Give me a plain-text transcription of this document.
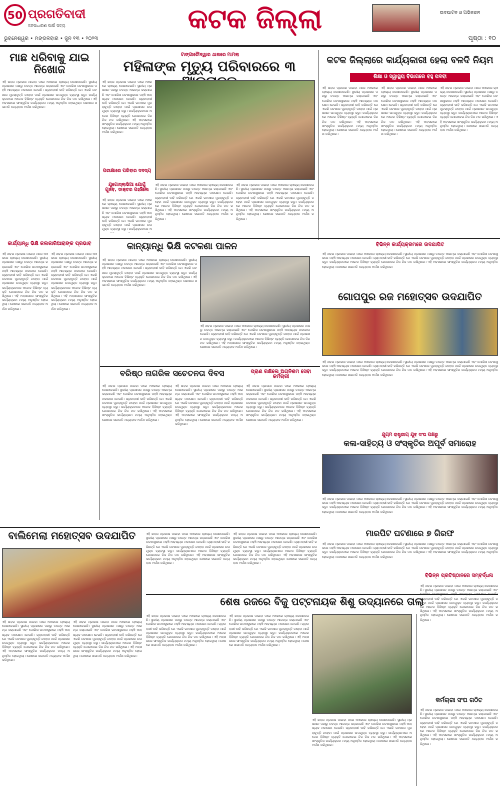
50 ପ୍ରଗତିବାଦୀ
ଜନସାଧାରଣ ପାଇଁ ସତ୍ୟ	କଟକ ଜିଲ୍ଲା	ଉଦଘାଟନ ଓ ଅଭିନନ୍ଦନ
ଭୁବନେଶ୍ୱର • ମଙ୍ଗଳବାର • ଜୁନ ୧୩ • ୨୦୨୩	ପୃଷ୍ଠା : ୧୦
ମାଛ ଧରିବାକୁ ଯାଇ ନିଖୋଜ
ଏହି ଖବର ପ୍ରକାଶ ପାଇବା ପରେ ଅଞ୍ଚଳରେ ଚାଞ୍ଚଲ୍ୟ ଦେଖାଦେଇଛି। ସ୍ଥାନୀୟ ପ୍ରଶାସନ ପକ୍ଷରୁ ତଦନ୍ତ ଆରମ୍ଭ କରାଯାଇଛି ଏବଂ ପୋଲିସ ଘଟଣାସ୍ଥଳରେ ପହଞ୍ଚି ଆବଶ୍ୟକ ପଦକ୍ଷେପ ନେଇଛି। ଗ୍ରାମବାସୀ ଦାବି କରିଛନ୍ତି ଯେ ଏଭଳି ଘଟଣାର ପୁନରାବୃତ୍ତି ନହେବା ପାଇଁ ପ୍ରଶାସନ ଉପଯୁକ୍ତ ବ୍ୟବସ୍ଥା କରୁ। କାର୍ଯ୍ୟକ୍ରମରେ ଅନେକ ବିଶିଷ୍ଟ ବ୍ୟକ୍ତି ଯୋଗଦେଇ ନିଜ ନିଜ ମତ ରଖିଥିଲେ। ଏହି ଅବସରରେ ସାଂସ୍କୃତିକ କାର୍ଯ୍ୟକ୍ରମ ମଧ୍ୟ ଅନୁଷ୍ଠିତ ହୋଇଥିଲା। ଶେଷରେ ସଭାପତି ଧନ୍ୟବାଦ ଅର୍ପଣ କରିଥିଲେ।
କାର୍ଯ୍ୟାନ୍ଧି ଭିକ୍ଷି କଲକାରିଆରାଙ୍କ ପ୍ରଭାବ
ଏହି ଖବର ପ୍ରକାଶ ପାଇବା ପରେ ଅଞ୍ଚଳରେ ଚାଞ୍ଚଲ୍ୟ ଦେଖାଦେଇଛି। ସ୍ଥାନୀୟ ପ୍ରଶାସନ ପକ୍ଷରୁ ତଦନ୍ତ ଆରମ୍ଭ କରାଯାଇଛି ଏବଂ ପୋଲିସ ଘଟଣାସ୍ଥଳରେ ପହଞ୍ଚି ଆବଶ୍ୟକ ପଦକ୍ଷେପ ନେଇଛି। ଗ୍ରାମବାସୀ ଦାବି କରିଛନ୍ତି ଯେ ଏଭଳି ଘଟଣାର ପୁନରାବୃତ୍ତି ନହେବା ପାଇଁ ପ୍ରଶାସନ ଉପଯୁକ୍ତ ବ୍ୟବସ୍ଥା କରୁ। କାର୍ଯ୍ୟକ୍ରମରେ ଅନେକ ବିଶିଷ୍ଟ ବ୍ୟକ୍ତି ଯୋଗଦେଇ ନିଜ ନିଜ ମତ ରଖିଥିଲେ। ଏହି ଅବସରରେ ସାଂସ୍କୃତିକ କାର୍ଯ୍ୟକ୍ରମ ମଧ୍ୟ ଅନୁଷ୍ଠିତ ହୋଇଥିଲା। ଶେଷରେ ସଭାପତି ଧନ୍ୟବାଦ ଅର୍ପଣ କରିଥିଲେ।
ଏହି ଖବର ପ୍ରକାଶ ପାଇବା ପରେ ଅଞ୍ଚଳରେ ଚାଞ୍ଚଲ୍ୟ ଦେଖାଦେଇଛି। ସ୍ଥାନୀୟ ପ୍ରଶାସନ ପକ୍ଷରୁ ତଦନ୍ତ ଆରମ୍ଭ କରାଯାଇଛି ଏବଂ ପୋଲିସ ଘଟଣାସ୍ଥଳରେ ପହଞ୍ଚି ଆବଶ୍ୟକ ପଦକ୍ଷେପ ନେଇଛି। ଗ୍ରାମବାସୀ ଦାବି କରିଛନ୍ତି ଯେ ଏଭଳି ଘଟଣାର ପୁନରାବୃତ୍ତି ନହେବା ପାଇଁ ପ୍ରଶାସନ ଉପଯୁକ୍ତ ବ୍ୟବସ୍ଥା କରୁ। କାର୍ଯ୍ୟକ୍ରମରେ ଅନେକ ବିଶିଷ୍ଟ ବ୍ୟକ୍ତି ଯୋଗଦେଇ ନିଜ ନିଜ ମତ ରଖିଥିଲେ। ଏହି ଅବସରରେ ସାଂସ୍କୃତିକ କାର୍ଯ୍ୟକ୍ରମ ମଧ୍ୟ ଅନୁଷ୍ଠିତ ହୋଇଥିଲା। ଶେଷରେ ସଭାପତି ଧନ୍ୟବାଦ ଅର୍ପଣ କରିଥିଲେ।
ଟାଙ୍ଗୀଚୌଦ୍ୱାର ଥାନାରେ ମାମଲା
ମହିଳାଙ୍କ ମୃତ୍ୟୁ ପରିବାରରେ ୩
ଏହି ଖବର ପ୍ରକାଶ ପାଇବା ପରେ ଅଞ୍ଚଳରେ ଚାଞ୍ଚଲ୍ୟ ଦେଖାଦେଇଛି। ସ୍ଥାନୀୟ ପ୍ରଶାସନ ପକ୍ଷରୁ ତଦନ୍ତ ଆରମ୍ଭ କରାଯାଇଛି ଏବଂ ପୋଲିସ ଘଟଣାସ୍ଥଳରେ ପହଞ୍ଚି ଆବଶ୍ୟକ ପଦକ୍ଷେପ ନେଇଛି। ଗ୍ରାମବାସୀ ଦାବି କରିଛନ୍ତି ଯେ ଏଭଳି ଘଟଣାର ପୁନରାବୃତ୍ତି ନହେବା ପାଇଁ ପ୍ରଶାସନ ଉପଯୁକ୍ତ ବ୍ୟବସ୍ଥା କରୁ। କାର୍ଯ୍ୟକ୍ରମରେ ଅନେକ ବିଶିଷ୍ଟ ବ୍ୟକ୍ତି ଯୋଗଦେଇ ନିଜ ନିଜ ମତ ରଖିଥିଲେ। ଏହି ଅବସରରେ ସାଂସ୍କୃତିକ କାର୍ଯ୍ୟକ୍ରମ ମଧ୍ୟ ଅନୁଷ୍ଠିତ ହୋଇଥିଲା। ଶେଷରେ ସଭାପତି ଧନ୍ୟବାଦ ଅର୍ପଣ କରିଥିଲେ।
ପରୀକ୍ଷାରେ ପରିବାର ସଦସ୍ୟ
ଯୁଗୋସ୍ଲାଭିଆ ଯୋଗୁଁ ଗୁଜବ, ଡାକ୍ତର ପହଞ୍ଚିଲେ
ଏହି ଖବର ପ୍ରକାଶ ପାଇବା ପରେ ଅଞ୍ଚଳରେ ଚାଞ୍ଚଲ୍ୟ ଦେଖାଦେଇଛି। ସ୍ଥାନୀୟ ପ୍ରଶାସନ ପକ୍ଷରୁ ତଦନ୍ତ ଆରମ୍ଭ କରାଯାଇଛି ଏବଂ ପୋଲିସ ଘଟଣାସ୍ଥଳରେ ପହଞ୍ଚି ଆବଶ୍ୟକ ପଦକ୍ଷେପ ନେଇଛି। ଗ୍ରାମବାସୀ ଦାବି କରିଛନ୍ତି ଯେ ଏଭଳି ଘଟଣାର ପୁନରାବୃତ୍ତି ନହେବା ପାଇଁ ପ୍ରଶାସନ ଉପଯୁକ୍ତ ବ୍ୟବସ୍ଥା କରୁ। କାର୍ଯ୍ୟକ୍ରମରେ ଅନେକ ବିଶିଷ୍ଟ ବ୍ୟକ୍ତି ଯୋଗଦେଇ ନିଜ ନିଜ ମତ ରଖିଥିଲେ। ଏହି ଅବସରରେ ସାଂସ୍କୃତିକ କାର୍ଯ୍ୟକ୍ରମ ମଧ୍ୟ ଅନୁଷ୍ଠିତ ହୋଇଥିଲା। ଶେଷରେ ସଭାପତି ଧନ୍ୟବାଦ ଅର୍ପଣ କରିଥିଲେ।
ଏହି ଖବର ପ୍ରକାଶ ପାଇବା ପରେ ଅଞ୍ଚଳରେ ଚାଞ୍ଚଲ୍ୟ ଦେଖାଦେଇଛି। ସ୍ଥାନୀୟ ପ୍ରଶାସନ ପକ୍ଷରୁ ତଦନ୍ତ ଆରମ୍ଭ କରାଯାଇଛି ଏବଂ ପୋଲିସ ଘଟଣାସ୍ଥଳରେ ପହଞ୍ଚି ଆବଶ୍ୟକ ପଦକ୍ଷେପ ନେଇଛି। ଗ୍ରାମବାସୀ ଦାବି କରିଛନ୍ତି ଯେ ଏଭଳି ଘଟଣାର ପୁନରାବୃତ୍ତି ନହେବା ପାଇଁ ପ୍ରଶାସନ ଉପଯୁକ୍ତ ବ୍ୟବସ୍ଥା କରୁ। କାର୍ଯ୍ୟକ୍ରମରେ ଅନେକ ବିଶିଷ୍ଟ ବ୍ୟକ୍ତି ଯୋଗଦେଇ ନିଜ ନିଜ ମତ ରଖିଥିଲେ। ଏହି ଅବସରରେ ସାଂସ୍କୃତିକ କାର୍ଯ୍ୟକ୍ରମ ମଧ୍ୟ ଅନୁଷ୍ଠିତ ହୋଇଥିଲା। ଶେଷରେ ସଭାପତି ଧନ୍ୟବାଦ ଅର୍ପଣ କରିଥିଲେ।
ଏହି ଖବର ପ୍ରକାଶ ପାଇବା ପରେ ଅଞ୍ଚଳରେ ଚାଞ୍ଚଲ୍ୟ ଦେଖାଦେଇଛି। ସ୍ଥାନୀୟ ପ୍ରଶାସନ ପକ୍ଷରୁ ତଦନ୍ତ ଆରମ୍ଭ କରାଯାଇଛି ଏବଂ ପୋଲିସ ଘଟଣାସ୍ଥଳରେ ପହଞ୍ଚି ଆବଶ୍ୟକ ପଦକ୍ଷେପ ନେଇଛି। ଗ୍ରାମବାସୀ ଦାବି କରିଛନ୍ତି ଯେ ଏଭଳି ଘଟଣାର ପୁନରାବୃତ୍ତି ନହେବା ପାଇଁ ପ୍ରଶାସନ ଉପଯୁକ୍ତ ବ୍ୟବସ୍ଥା କରୁ। କାର୍ଯ୍ୟକ୍ରମରେ ଅ
କଟକ ଜିଲ୍ଲାରେ କାର୍ଯ୍ୟକାରୀ ହେଲା ବଳଦି ନିୟମ
ଶିକ୍ଷା ଓ ସ୍ୱାସ୍ଥ୍ୟ ବିଭାଗରେ ବହୁ ପଦବୀ
ଏହି ଖବର ପ୍ରକାଶ ପାଇବା ପରେ ଅଞ୍ଚଳରେ ଚାଞ୍ଚଲ୍ୟ ଦେଖାଦେଇଛି। ସ୍ଥାନୀୟ ପ୍ରଶାସନ ପକ୍ଷରୁ ତଦନ୍ତ ଆରମ୍ଭ କରାଯାଇଛି ଏବଂ ପୋଲିସ ଘଟଣାସ୍ଥଳରେ ପହଞ୍ଚି ଆବଶ୍ୟକ ପଦକ୍ଷେପ ନେଇଛି। ଗ୍ରାମବାସୀ ଦାବି କରିଛନ୍ତି ଯେ ଏଭଳି ଘଟଣାର ପୁନରାବୃତ୍ତି ନହେବା ପାଇଁ ପ୍ରଶାସନ ଉପଯୁକ୍ତ ବ୍ୟବସ୍ଥା କରୁ। କାର୍ଯ୍ୟକ୍ରମରେ ଅନେକ ବିଶିଷ୍ଟ ବ୍ୟକ୍ତି ଯୋଗଦେଇ ନିଜ ନିଜ ମତ ରଖିଥିଲେ। ଏହି ଅବସରରେ ସାଂସ୍କୃତିକ କାର୍ଯ୍ୟକ୍ରମ ମଧ୍ୟ ଅନୁଷ୍ଠିତ ହୋଇଥିଲା। ଶେଷରେ ସଭାପତି ଧନ୍ୟବାଦ ଅର୍ପଣ କରିଥିଲେ।
ଏହି ଖବର ପ୍ରକାଶ ପାଇବା ପରେ ଅଞ୍ଚଳରେ ଚାଞ୍ଚଲ୍ୟ ଦେଖାଦେଇଛି। ସ୍ଥାନୀୟ ପ୍ରଶାସନ ପକ୍ଷରୁ ତଦନ୍ତ ଆରମ୍ଭ କରାଯାଇଛି ଏବଂ ପୋଲିସ ଘଟଣାସ୍ଥଳରେ ପହଞ୍ଚି ଆବଶ୍ୟକ ପଦକ୍ଷେପ ନେଇଛି। ଗ୍ରାମବାସୀ ଦାବି କରିଛନ୍ତି ଯେ ଏଭଳି ଘଟଣାର ପୁନରାବୃତ୍ତି ନହେବା ପାଇଁ ପ୍ରଶାସନ ଉପଯୁକ୍ତ ବ୍ୟବସ୍ଥା କରୁ। କାର୍ଯ୍ୟକ୍ରମରେ ଅନେକ ବିଶିଷ୍ଟ ବ୍ୟକ୍ତି ଯୋଗଦେଇ ନିଜ ନିଜ ମତ ରଖିଥିଲେ। ଏହି ଅବସରରେ ସାଂସ୍କୃତିକ କାର୍ଯ୍ୟକ୍ରମ ମଧ୍ୟ ଅନୁଷ୍ଠିତ ହୋଇଥିଲା। ଶେଷରେ ସଭାପତି ଧନ୍ୟବାଦ ଅର୍ପଣ କରିଥିଲେ।
ଏହି ଖବର ପ୍ରକାଶ ପାଇବା ପରେ ଅଞ୍ଚଳରେ ଚାଞ୍ଚଲ୍ୟ ଦେଖାଦେଇଛି। ସ୍ଥାନୀୟ ପ୍ରଶାସନ ପକ୍ଷରୁ ତଦନ୍ତ ଆରମ୍ଭ କରାଯାଇଛି ଏବଂ ପୋଲିସ ଘଟଣାସ୍ଥଳରେ ପହଞ୍ଚି ଆବଶ୍ୟକ ପଦକ୍ଷେପ ନେଇଛି। ଗ୍ରାମବାସୀ ଦାବି କରିଛନ୍ତି ଯେ ଏଭଳି ଘଟଣାର ପୁନରାବୃତ୍ତି ନହେବା ପାଇଁ ପ୍ରଶାସନ ଉପଯୁକ୍ତ ବ୍ୟବସ୍ଥା କରୁ। କାର୍ଯ୍ୟକ୍ରମରେ ଅନେକ ବିଶିଷ୍ଟ ବ୍ୟକ୍ତି ଯୋଗଦେଇ ନିଜ ନିଜ ମତ ରଖିଥିଲେ। ଏହି ଅବସରରେ ସାଂସ୍କୃତିକ କାର୍ଯ୍ୟକ୍ରମ ମଧ୍ୟ ଅନୁଷ୍ଠିତ ହୋଇଥିଲା। ଶେଷରେ ସଭାପତି ଧନ୍ୟବାଦ ଅର୍ପଣ କରିଥିଲେ।
କାନ୍ୟାନ୍ଧି ଭିକ୍ଷି କଟକଣା ପାଳନ
ଏହି ଖବର ପ୍ରକାଶ ପାଇବା ପରେ ଅଞ୍ଚଳରେ ଚାଞ୍ଚଲ୍ୟ ଦେଖାଦେଇଛି। ସ୍ଥାନୀୟ ପ୍ରଶାସନ ପକ୍ଷରୁ ତଦନ୍ତ ଆରମ୍ଭ କରାଯାଇଛି ଏବଂ ପୋଲିସ ଘଟଣାସ୍ଥଳରେ ପହଞ୍ଚି ଆବଶ୍ୟକ ପଦକ୍ଷେପ ନେଇଛି। ଗ୍ରାମବାସୀ ଦାବି କରିଛନ୍ତି ଯେ ଏଭଳି ଘଟଣାର ପୁନରାବୃତ୍ତି ନହେବା ପାଇଁ ପ୍ରଶାସନ ଉପଯୁକ୍ତ ବ୍ୟବସ୍ଥା କରୁ। କାର୍ଯ୍ୟକ୍ରମରେ ଅନେକ ବିଶିଷ୍ଟ ବ୍ୟକ୍ତି ଯୋଗଦେଇ ନିଜ ନିଜ ମତ ରଖିଥିଲେ। ଏହି ଅବସରରେ ସାଂସ୍କୃତିକ କାର୍ଯ୍ୟକ୍ରମ ମଧ୍ୟ ଅନୁଷ୍ଠିତ ହୋଇଥିଲା। ଶେଷରେ ସଭାପତି ଧନ୍ୟବାଦ ଅର୍ପଣ କରିଥିଲେ।
ଏହି ଖବର ପ୍ରକାଶ ପାଇବା ପରେ ଅଞ୍ଚଳରେ ଚାଞ୍ଚଲ୍ୟ ଦେଖାଦେଇଛି। ସ୍ଥାନୀୟ ପ୍ରଶାସନ ପକ୍ଷରୁ ତଦନ୍ତ ଆରମ୍ଭ କରାଯାଇଛି ଏବଂ ପୋଲିସ ଘଟଣାସ୍ଥଳରେ ପହଞ୍ଚି ଆବଶ୍ୟକ ପଦକ୍ଷେପ ନେଇଛି। ଗ୍ରାମବାସୀ ଦାବି କରିଛନ୍ତି ଯେ ଏଭଳି ଘଟଣାର ପୁନରାବୃତ୍ତି ନହେବା ପାଇଁ ପ୍ରଶାସନ ଉପଯୁକ୍ତ ବ୍ୟବସ୍ଥା କରୁ। କାର୍ଯ୍ୟକ୍ରମରେ ଅନେକ ବିଶିଷ୍ଟ ବ୍ୟକ୍ତି ଯୋଗଦେଇ ନିଜ ନିଜ ମତ ରଖିଥିଲେ। ଏହି ଅବସରରେ ସାଂସ୍କୃତିକ କାର୍ଯ୍ୟକ୍ରମ ମଧ୍ୟ ଅନୁଷ୍ଠିତ ହୋଇଥିଲା। ଶେଷରେ ସଭାପତି ଧନ୍ୟବାଦ ଅର୍ପଣ କରିଥିଲେ।
ବିଭିନ୍ନ କାର୍ଯ୍ୟକ୍ରମରେ ଉଦଯାପିତ
ଏହି ଖବର ପ୍ରକାଶ ପାଇବା ପରେ ଅଞ୍ଚଳରେ ଚାଞ୍ଚଲ୍ୟ ଦେଖାଦେଇଛି। ସ୍ଥାନୀୟ ପ୍ରଶାସନ ପକ୍ଷରୁ ତଦନ୍ତ ଆରମ୍ଭ କରାଯାଇଛି ଏବଂ ପୋଲିସ ଘଟଣାସ୍ଥଳରେ ପହଞ୍ଚି ଆବଶ୍ୟକ ପଦକ୍ଷେପ ନେଇଛି। ଗ୍ରାମବାସୀ ଦାବି କରିଛନ୍ତି ଯେ ଏଭଳି ଘଟଣାର ପୁନରାବୃତ୍ତି ନହେବା ପାଇଁ ପ୍ରଶାସନ ଉପଯୁକ୍ତ ବ୍ୟବସ୍ଥା କରୁ। କାର୍ଯ୍ୟକ୍ରମରେ ଅନେକ ବିଶିଷ୍ଟ ବ୍ୟକ୍ତି ଯୋଗଦେଇ ନିଜ ନିଜ ମତ ରଖିଥିଲେ। ଏହି ଅବସରରେ ସାଂସ୍କୃତିକ କାର୍ଯ୍ୟକ୍ରମ ମଧ୍ୟ ଅନୁଷ୍ଠିତ ହୋଇଥିଲା। ଶେଷରେ ସଭାପତି ଧନ୍ୟବାଦ ଅର୍ପଣ କରିଥିଲେ।
ଗୋପପୁର ରଜ ମହୋତ୍ସବ ଉଦଯାପିତ
ଏହି ଖବର ପ୍ରକାଶ ପାଇବା ପରେ ଅଞ୍ଚଳରେ ଚାଞ୍ଚଲ୍ୟ ଦେଖାଦେଇଛି। ସ୍ଥାନୀୟ ପ୍ରଶାସନ ପକ୍ଷରୁ ତଦନ୍ତ ଆରମ୍ଭ କରାଯାଇଛି ଏବଂ ପୋଲିସ ଘଟଣାସ୍ଥଳରେ ପହଞ୍ଚି ଆବଶ୍ୟକ ପଦକ୍ଷେପ ନେଇଛି। ଗ୍ରାମବାସୀ ଦାବି କରିଛନ୍ତି ଯେ ଏଭଳି ଘଟଣାର ପୁନରାବୃତ୍ତି ନହେବା ପାଇଁ ପ୍ରଶାସନ ଉପଯୁକ୍ତ ବ୍ୟବସ୍ଥା କରୁ। କାର୍ଯ୍ୟକ୍ରମରେ ଅନେକ ବିଶିଷ୍ଟ ବ୍ୟକ୍ତି ଯୋଗଦେଇ ନିଜ ନିଜ ମତ ରଖିଥିଲେ। ଏହି ଅବସରରେ ସାଂସ୍କୃତିକ କାର୍ଯ୍ୟକ୍ରମ ମଧ୍ୟ ଅନୁଷ୍ଠିତ ହୋଇଥିଲା। ଶେଷରେ ସଭାପତି ଧନ୍ୟବାଦ ଅର୍ପଣ କରିଥିଲେ।
ବରିଷ୍ଠ ନାଗରିକ ସଚେତନତା ଦିବସ	ପ୍ରାଣ ରକ୍ଷିଲେ ଅଗ୍ନିଶମ ସେବା କର୍ମଚାରୀ
ଏହି ଖବର ପ୍ରକାଶ ପାଇବା ପରେ ଅଞ୍ଚଳରେ ଚାଞ୍ଚଲ୍ୟ ଦେଖାଦେଇଛି। ସ୍ଥାନୀୟ ପ୍ରଶାସନ ପକ୍ଷରୁ ତଦନ୍ତ ଆରମ୍ଭ କରାଯାଇଛି ଏବଂ ପୋଲିସ ଘଟଣାସ୍ଥଳରେ ପହଞ୍ଚି ଆବଶ୍ୟକ ପଦକ୍ଷେପ ନେଇଛି। ଗ୍ରାମବାସୀ ଦାବି କରିଛନ୍ତି ଯେ ଏଭଳି ଘଟଣାର ପୁନରାବୃତ୍ତି ନହେବା ପାଇଁ ପ୍ରଶାସନ ଉପଯୁକ୍ତ ବ୍ୟବସ୍ଥା କରୁ। କାର୍ଯ୍ୟକ୍ରମରେ ଅନେକ ବିଶିଷ୍ଟ ବ୍ୟକ୍ତି ଯୋଗଦେଇ ନିଜ ନିଜ ମତ ରଖିଥିଲେ। ଏହି ଅବସରରେ ସାଂସ୍କୃତିକ କାର୍ଯ୍ୟକ୍ରମ ମଧ୍ୟ ଅନୁଷ୍ଠିତ ହୋଇଥିଲା। ଶେଷରେ ସଭାପତି ଧନ୍ୟବାଦ ଅର୍ପଣ କରିଥିଲେ।
ଏହି ଖବର ପ୍ରକାଶ ପାଇବା ପରେ ଅଞ୍ଚଳରେ ଚାଞ୍ଚଲ୍ୟ ଦେଖାଦେଇଛି। ସ୍ଥାନୀୟ ପ୍ରଶାସନ ପକ୍ଷରୁ ତଦନ୍ତ ଆରମ୍ଭ କରାଯାଇଛି ଏବଂ ପୋଲିସ ଘଟଣାସ୍ଥଳରେ ପହଞ୍ଚି ଆବଶ୍ୟକ ପଦକ୍ଷେପ ନେଇଛି। ଗ୍ରାମବାସୀ ଦାବି କରିଛନ୍ତି ଯେ ଏଭଳି ଘଟଣାର ପୁନରାବୃତ୍ତି ନହେବା ପାଇଁ ପ୍ରଶାସନ ଉପଯୁକ୍ତ ବ୍ୟବସ୍ଥା କରୁ। କାର୍ଯ୍ୟକ୍ରମରେ ଅନେକ ବିଶିଷ୍ଟ ବ୍ୟକ୍ତି ଯୋଗଦେଇ ନିଜ ନିଜ ମତ ରଖିଥିଲେ। ଏହି ଅବସରରେ ସାଂସ୍କୃତିକ କାର୍ଯ୍ୟକ୍ରମ ମଧ୍ୟ ଅନୁଷ୍ଠିତ ହୋଇଥିଲା। ଶେଷରେ ସଭାପତି ଧନ୍ୟବାଦ ଅର୍ପଣ କରିଥିଲେ।
ଏହି ଖବର ପ୍ରକାଶ ପାଇବା ପରେ ଅଞ୍ଚଳରେ ଚାଞ୍ଚଲ୍ୟ ଦେଖାଦେଇଛି। ସ୍ଥାନୀୟ ପ୍ରଶାସନ ପକ୍ଷରୁ ତଦନ୍ତ ଆରମ୍ଭ କରାଯାଇଛି ଏବଂ ପୋଲିସ ଘଟଣାସ୍ଥଳରେ ପହଞ୍ଚି ଆବଶ୍ୟକ ପଦକ୍ଷେପ ନେଇଛି। ଗ୍ରାମବାସୀ ଦାବି କରିଛନ୍ତି ଯେ ଏଭଳି ଘଟଣାର ପୁନରାବୃତ୍ତି ନହେବା ପାଇଁ ପ୍ରଶାସନ ଉପଯୁକ୍ତ ବ୍ୟବସ୍ଥା କରୁ। କାର୍ଯ୍ୟକ୍ରମରେ ଅନେକ ବିଶିଷ୍ଟ ବ୍ୟକ୍ତି ଯୋଗଦେଇ ନିଜ ନିଜ ମତ ରଖିଥିଲେ। ଏହି ଅବସରରେ ସାଂସ୍କୃତିକ କାର୍ଯ୍ୟକ୍ରମ ମଧ୍ୟ ଅନୁଷ୍ଠିତ ହୋଇଥିଲା। ଶେଷରେ ସଭାପତି ଧନ୍ୟବାଦ ଅର୍ପଣ କରିଥିଲେ।
ଯୁଗ୍ମ ରାଷ୍ଟ୍ରୀୟ ଯୁବ ସଂଘ ପକ୍ଷରୁ
କଳା-ସାହିତ୍ୟ ଓ ସଂସ୍କୃତିର ଅପୂର୍ବ ସମାରୋହ
ଏହି ଖବର ପ୍ରକାଶ ପାଇବା ପରେ ଅଞ୍ଚଳରେ ଚାଞ୍ଚଲ୍ୟ ଦେଖାଦେଇଛି। ସ୍ଥାନୀୟ ପ୍ରଶାସନ ପକ୍ଷରୁ ତଦନ୍ତ ଆରମ୍ଭ କରାଯାଇଛି ଏବଂ ପୋଲିସ ଘଟଣାସ୍ଥଳରେ ପହଞ୍ଚି ଆବଶ୍ୟକ ପଦକ୍ଷେପ ନେଇଛି। ଗ୍ରାମବାସୀ ଦାବି କରିଛନ୍ତି ଯେ ଏଭଳି ଘଟଣାର ପୁନରାବୃତ୍ତି ନହେବା ପାଇଁ ପ୍ରଶାସନ ଉପଯୁକ୍ତ ବ୍ୟବସ୍ଥା କରୁ। କାର୍ଯ୍ୟକ୍ରମରେ ଅନେକ ବିଶିଷ୍ଟ ବ୍ୟକ୍ତି ଯୋଗଦେଇ ନିଜ ନିଜ ମତ ରଖିଥିଲେ। ଏହି ଅବସରରେ ସାଂସ୍କୃତିକ କାର୍ଯ୍ୟକ୍ରମ ମଧ୍ୟ ଅନୁଷ୍ଠିତ ହୋଇଥିଲା। ଶେଷରେ ସଭାପତି ଧନ୍ୟବାଦ ଅର୍ପଣ କରିଥିଲେ।
ମାରପିଟ ଘଟଣାରେ ୭ ଗିରଫ
ଏହି ଖବର ପ୍ରକାଶ ପାଇବା ପରେ ଅଞ୍ଚଳରେ ଚାଞ୍ଚଲ୍ୟ ଦେଖାଦେଇଛି। ସ୍ଥାନୀୟ ପ୍ରଶାସନ ପକ୍ଷରୁ ତଦନ୍ତ ଆରମ୍ଭ କରାଯାଇଛି ଏବଂ ପୋଲିସ ଘଟଣାସ୍ଥଳରେ ପହଞ୍ଚି ଆବଶ୍ୟକ ପଦକ୍ଷେପ ନେଇଛି। ଗ୍ରାମବାସୀ ଦାବି କରିଛନ୍ତି ଯେ ଏଭଳି ଘଟଣାର ପୁନରାବୃତ୍ତି ନହେବା ପାଇଁ ପ୍ରଶାସନ ଉପଯୁକ୍ତ ବ୍ୟବସ୍ଥା କରୁ। କାର୍ଯ୍ୟକ୍ରମରେ ଅନେକ ବିଶିଷ୍ଟ ବ୍ୟକ୍ତି ଯୋଗଦେଇ ନିଜ ନିଜ ମତ ରଖିଥିଲେ। ଏହି ଅବସରରେ ସାଂସ୍କୃତିକ କାର୍ଯ୍ୟକ୍ରମ ମଧ୍ୟ ଅନୁଷ୍ଠିତ ହୋଇଥିଲା। ଶେଷରେ ସଭାପତି ଧନ୍ୟବାଦ ଅର୍ପଣ କରିଥିଲେ।
ବାଲିମେଲା ମହୋତ୍ସବ ଉଦଯାପିତ
ଏହି ଖବର ପ୍ରକାଶ ପାଇବା ପରେ ଅଞ୍ଚଳରେ ଚାଞ୍ଚଲ୍ୟ ଦେଖାଦେଇଛି। ସ୍ଥାନୀୟ ପ୍ରଶାସନ ପକ୍ଷରୁ ତଦନ୍ତ ଆରମ୍ଭ କରାଯାଇଛି ଏବଂ ପୋଲିସ ଘଟଣାସ୍ଥଳରେ ପହଞ୍ଚି ଆବଶ୍ୟକ ପଦକ୍ଷେପ ନେଇଛି। ଗ୍ରାମବାସୀ ଦାବି କରିଛନ୍ତି ଯେ ଏଭଳି ଘଟଣାର ପୁନରାବୃତ୍ତି ନହେବା ପାଇଁ ପ୍ରଶାସନ ଉପଯୁକ୍ତ ବ୍ୟବସ୍ଥା କରୁ। କାର୍ଯ୍ୟକ୍ରମରେ ଅନେକ ବିଶିଷ୍ଟ ବ୍ୟକ୍ତି ଯୋଗଦେଇ ନିଜ ନିଜ ମତ ରଖିଥିଲେ। ଏହି ଅବସରରେ ସାଂସ୍କୃତିକ କାର୍ଯ୍ୟକ୍ରମ ମଧ୍ୟ ଅନୁଷ୍ଠିତ ହୋଇଥିଲା। ଶେଷରେ ସଭାପତି ଧନ୍ୟବାଦ ଅର୍ପଣ କରିଥିଲେ।
ଏହି ଖବର ପ୍ରକାଶ ପାଇବା ପରେ ଅଞ୍ଚଳରେ ଚାଞ୍ଚଲ୍ୟ ଦେଖାଦେଇଛି। ସ୍ଥାନୀୟ ପ୍ରଶାସନ ପକ୍ଷରୁ ତଦନ୍ତ ଆରମ୍ଭ କରାଯାଇଛି ଏବଂ ପୋଲିସ ଘଟଣାସ୍ଥଳରେ ପହଞ୍ଚି ଆବଶ୍ୟକ ପଦକ୍ଷେପ ନେଇଛି। ଗ୍ରାମବାସୀ ଦାବି କରିଛନ୍ତି ଯେ ଏଭଳି ଘଟଣାର ପୁନରାବୃତ୍ତି ନହେବା ପାଇଁ ପ୍ରଶାସନ ଉପଯୁକ୍ତ ବ୍ୟବସ୍ଥା କରୁ। କାର୍ଯ୍ୟକ୍ରମରେ ଅନେକ ବିଶିଷ୍ଟ ବ୍ୟକ୍ତି ଯୋଗଦେଇ ନିଜ ନିଜ ମତ ରଖିଥିଲେ। ଏହି ଅବସରରେ ସାଂସ୍କୃତିକ କାର୍ଯ୍ୟକ୍ରମ ମଧ୍ୟ ଅନୁଷ୍ଠିତ ହୋଇଥିଲା। ଶେଷରେ ସଭାପତି ଧନ୍ୟବାଦ ଅର୍ପଣ କରିଥିଲେ।
ଏହି ଖବର ପ୍ରକାଶ ପାଇବା ପରେ ଅଞ୍ଚଳରେ ଚାଞ୍ଚଲ୍ୟ ଦେଖାଦେଇଛି। ସ୍ଥାନୀୟ ପ୍ରଶାସନ ପକ୍ଷରୁ ତଦନ୍ତ ଆରମ୍ଭ କରାଯାଇଛି ଏବଂ ପୋଲିସ ଘଟଣାସ୍ଥଳରେ ପହଞ୍ଚି ଆବଶ୍ୟକ ପଦକ୍ଷେପ ନେଇଛି। ଗ୍ରାମବାସୀ ଦାବି କରିଛନ୍ତି ଯେ ଏଭଳି ଘଟଣାର ପୁନରାବୃତ୍ତି ନହେବା ପାଇଁ ପ୍ରଶାସନ ଉପଯୁକ୍ତ ବ୍ୟବସ୍ଥା କରୁ। କାର୍ଯ୍ୟକ୍ରମରେ ଅନେକ ବିଶିଷ୍ଟ ବ୍ୟକ୍ତି ଯୋଗଦେଇ ନିଜ ନିଜ ମତ ରଖିଥିଲେ। ଏହି ଅବସରରେ ସାଂସ୍କୃତିକ କାର୍ଯ୍ୟକ୍ରମ ମଧ୍ୟ ଅନୁଷ୍ଠିତ ହୋଇଥିଲା। ଶେଷରେ ସଭାପତି ଧନ୍ୟବାଦ ଅର୍ପଣ କରିଥିଲେ।
ଏହି ଖବର ପ୍ରକାଶ ପାଇବା ପରେ ଅଞ୍ଚଳରେ ଚାଞ୍ଚଲ୍ୟ ଦେଖାଦେଇଛି। ସ୍ଥାନୀୟ ପ୍ରଶାସନ ପକ୍ଷରୁ ତଦନ୍ତ ଆରମ୍ଭ କରାଯାଇଛି ଏବଂ ପୋଲିସ ଘଟଣାସ୍ଥଳରେ ପହଞ୍ଚି ଆବଶ୍ୟକ ପଦକ୍ଷେପ ନେଇଛି। ଗ୍ରାମବାସୀ ଦାବି କରିଛନ୍ତି ଯେ ଏଭଳି ଘଟଣାର ପୁନରାବୃତ୍ତି ନହେବା ପାଇଁ ପ୍ରଶାସନ ଉପଯୁକ୍ତ ବ୍ୟବସ୍ଥା କରୁ। କାର୍ଯ୍ୟକ୍ରମରେ ଅନେକ ବିଶିଷ୍ଟ ବ୍ୟକ୍ତି ଯୋଗଦେଇ ନିଜ ନିଜ ମତ ରଖିଥିଲେ। ଏହି ଅବସରରେ ସାଂସ୍କୃତିକ କାର୍ଯ୍ୟକ୍ରମ ମଧ୍ୟ ଅନୁଷ୍ଠିତ ହୋଇଥିଲା। ଶେଷରେ ସଭାପତି ଧନ୍ୟବାଦ ଅର୍ପଣ କରିଥିଲେ।
ଶେଷ ରଜରେ ବିଜୁ ପଟ୍ଟନାୟକ ଶିଶୁ ଉଦ୍ୟାନରେ ତାଲା
ଏହି ଖବର ପ୍ରକାଶ ପାଇବା ପରେ ଅଞ୍ଚଳରେ ଚାଞ୍ଚଲ୍ୟ ଦେଖାଦେଇଛି। ସ୍ଥାନୀୟ ପ୍ରଶାସନ ପକ୍ଷରୁ ତଦନ୍ତ ଆରମ୍ଭ କରାଯାଇଛି ଏବଂ ପୋଲିସ ଘଟଣାସ୍ଥଳରେ ପହଞ୍ଚି ଆବଶ୍ୟକ ପଦକ୍ଷେପ ନେଇଛି। ଗ୍ରାମବାସୀ ଦାବି କରିଛନ୍ତି ଯେ ଏଭଳି ଘଟଣାର ପୁନରାବୃତ୍ତି ନହେବା ପାଇଁ ପ୍ରଶାସନ ଉପଯୁକ୍ତ ବ୍ୟବସ୍ଥା କରୁ। କାର୍ଯ୍ୟକ୍ରମରେ ଅନେକ ବିଶିଷ୍ଟ ବ୍ୟକ୍ତି ଯୋଗଦେଇ ନିଜ ନିଜ ମତ ରଖିଥିଲେ। ଏହି ଅବସରରେ ସାଂସ୍କୃତିକ କାର୍ଯ୍ୟକ୍ରମ ମଧ୍ୟ ଅନୁଷ୍ଠିତ ହୋଇଥିଲା। ଶେଷରେ ସଭାପତି ଧନ୍ୟବାଦ ଅର୍ପଣ କରିଥିଲେ।
ଏହି ଖବର ପ୍ରକାଶ ପାଇବା ପରେ ଅଞ୍ଚଳରେ ଚାଞ୍ଚଲ୍ୟ ଦେଖାଦେଇଛି। ସ୍ଥାନୀୟ ପ୍ରଶାସନ ପକ୍ଷରୁ ତଦନ୍ତ ଆରମ୍ଭ କରାଯାଇଛି ଏବଂ ପୋଲିସ ଘଟଣାସ୍ଥଳରେ ପହଞ୍ଚି ଆବଶ୍ୟକ ପଦକ୍ଷେପ ନେଇଛି। ଗ୍ରାମବାସୀ ଦାବି କରିଛନ୍ତି ଯେ ଏଭଳି ଘଟଣାର ପୁନରାବୃତ୍ତି ନହେବା ପାଇଁ ପ୍ରଶାସନ ଉପଯୁକ୍ତ ବ୍ୟବସ୍ଥା କରୁ। କାର୍ଯ୍ୟକ୍ରମରେ ଅନେକ ବିଶିଷ୍ଟ ବ୍ୟକ୍ତି ଯୋଗଦେଇ ନିଜ ନିଜ ମତ ରଖିଥିଲେ। ଏହି ଅବସରରେ ସାଂସ୍କୃତିକ କାର୍ଯ୍ୟକ୍ରମ ମଧ୍ୟ ଅନୁଷ୍ଠିତ ହୋଇଥିଲା। ଶେଷରେ ସଭାପତି ଧନ୍ୟବାଦ ଅର୍ପଣ କରିଥିଲେ।
ଏହି ଖବର ପ୍ରକାଶ ପାଇବା ପରେ ଅଞ୍ଚଳରେ ଚାଞ୍ଚଲ୍ୟ ଦେଖାଦେଇଛି। ସ୍ଥାନୀୟ ପ୍ରଶାସନ ପକ୍ଷରୁ ତଦନ୍ତ ଆରମ୍ଭ କରାଯାଇଛି ଏବଂ ପୋଲିସ ଘଟଣାସ୍ଥଳରେ ପହଞ୍ଚି ଆବଶ୍ୟକ ପଦକ୍ଷେପ ନେଇଛି। ଗ୍ରାମବାସୀ ଦାବି କରିଛନ୍ତି ଯେ ଏଭଳି ଘଟଣାର ପୁନରାବୃତ୍ତି ନହେବା ପାଇଁ ପ୍ରଶାସନ ଉପଯୁକ୍ତ ବ୍ୟବସ୍ଥା କରୁ। କାର୍ଯ୍ୟକ୍ରମରେ ଅନେକ ବିଶିଷ୍ଟ ବ୍ୟକ୍ତି ଯୋଗଦେଇ ନିଜ ନିଜ ମତ ରଖିଥିଲେ। ଏହି ଅବସରରେ ସାଂସ୍କୃତିକ କାର୍ଯ୍ୟକ୍ରମ ମଧ୍ୟ ଅନୁଷ୍ଠିତ ହୋଇଥିଲା। ଶେଷରେ ସଭାପତି ଧନ୍ୟବାଦ ଅର୍ପଣ କରିଥିଲେ।
ବିଭିନ୍ନ ପ୍ରତିଷ୍ଠାନରେ ସମ୍ବର୍ଦ୍ଧନା
ଏହି ଖବର ପ୍ରକାଶ ପାଇବା ପରେ ଅଞ୍ଚଳରେ ଚାଞ୍ଚଲ୍ୟ ଦେଖାଦେଇଛି। ସ୍ଥାନୀୟ ପ୍ରଶାସନ ପକ୍ଷରୁ ତଦନ୍ତ ଆରମ୍ଭ କରାଯାଇଛି ଏବଂ ପୋଲିସ ଘଟଣାସ୍ଥଳରେ ପହଞ୍ଚି ଆବଶ୍ୟକ ପଦକ୍ଷେପ ନେଇଛି। ଗ୍ରାମବାସୀ ଦାବି କରିଛନ୍ତି ଯେ ଏଭଳି ଘଟଣାର ପୁନରାବୃତ୍ତି ନହେବା ପାଇଁ ପ୍ରଶାସନ ଉପଯୁକ୍ତ ବ୍ୟବସ୍ଥା କରୁ। କାର୍ଯ୍ୟକ୍ରମରେ ଅନେକ ବିଶିଷ୍ଟ ବ୍ୟକ୍ତି ଯୋଗଦେଇ ନିଜ ନିଜ ମତ ରଖିଥିଲେ। ଏହି ଅବସରରେ ସାଂସ୍କୃତିକ କାର୍ଯ୍ୟକ୍ରମ ମଧ୍ୟ ଅନୁଷ୍ଠିତ ହୋଇଥିଲା। ଶେଷରେ ସଭାପତି ଧନ୍ୟବାଦ ଅର୍ପଣ କରିଥିଲେ।
କର୍ମଚାରୀ ସଂଘ ଗଠିତ
ଏହି ଖବର ପ୍ରକାଶ ପାଇବା ପରେ ଅଞ୍ଚଳରେ ଚାଞ୍ଚଲ୍ୟ ଦେଖାଦେଇଛି। ସ୍ଥାନୀୟ ପ୍ରଶାସନ ପକ୍ଷରୁ ତଦନ୍ତ ଆରମ୍ଭ କରାଯାଇଛି ଏବଂ ପୋଲିସ ଘଟଣାସ୍ଥଳରେ ପହଞ୍ଚି ଆବଶ୍ୟକ ପଦକ୍ଷେପ ନେଇଛି। ଗ୍ରାମବାସୀ ଦାବି କରିଛନ୍ତି ଯେ ଏଭଳି ଘଟଣାର ପୁନରାବୃତ୍ତି ନହେବା ପାଇଁ ପ୍ରଶାସନ ଉପଯୁକ୍ତ ବ୍ୟବସ୍ଥା କରୁ। କାର୍ଯ୍ୟକ୍ରମରେ ଅନେକ ବିଶିଷ୍ଟ ବ୍ୟକ୍ତି ଯୋଗଦେଇ ନିଜ ନିଜ ମତ ରଖିଥିଲେ। ଏହି ଅବସରରେ ସାଂସ୍କୃତିକ କାର୍ଯ୍ୟକ୍ରମ ମଧ୍ୟ ଅନୁଷ୍ଠିତ ହୋଇଥିଲା। ଶେଷରେ ସଭାପତି ଧନ୍ୟବାଦ ଅର୍ପଣ କରିଥିଲେ।
